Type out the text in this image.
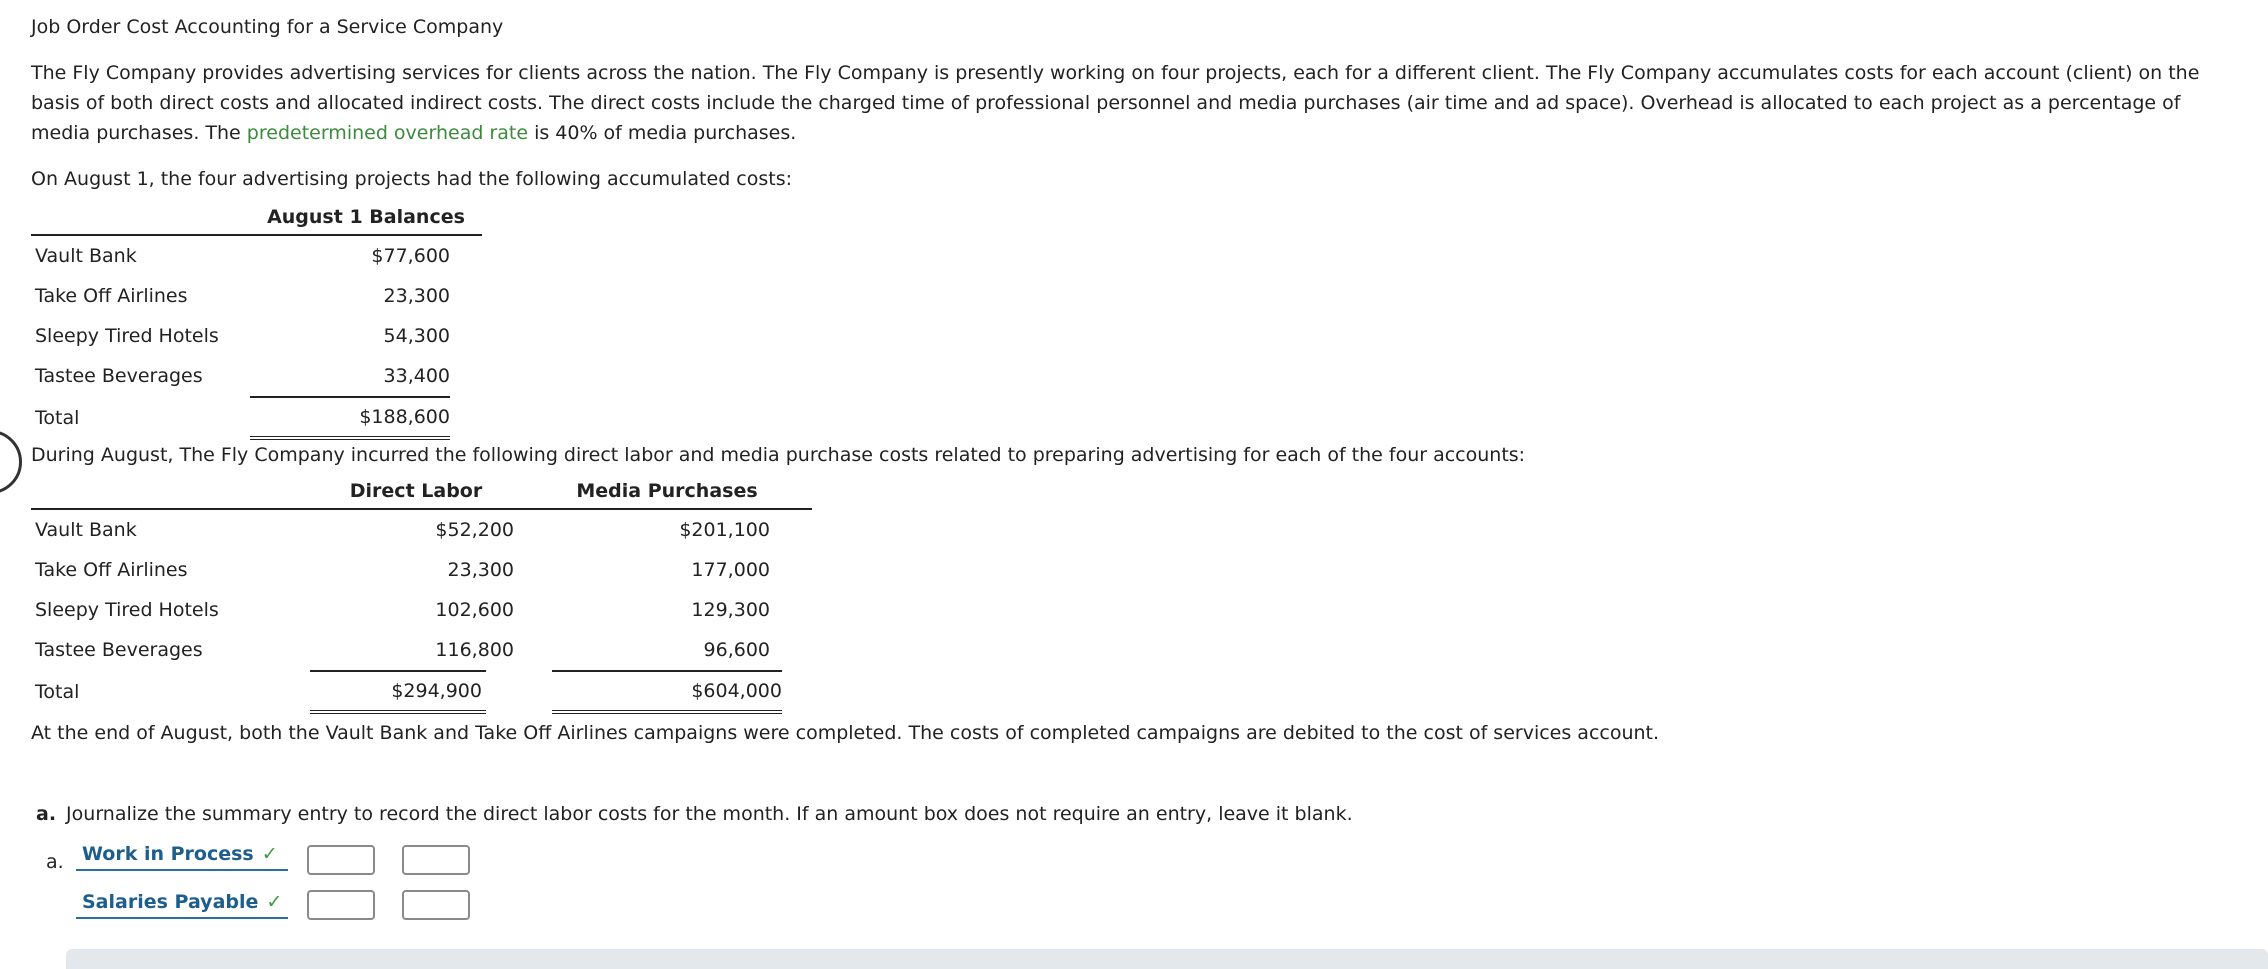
Job Order Cost Accounting for a Service Company
The Fly Company provides advertising services for clients across the nation. The Fly Company is presently working on four projects, each for a different client. The Fly Company accumulates costs for each account (client) on the basis of both direct costs and allocated indirect costs. The direct costs include the charged time of professional personnel and media purchases (air time and ad space). Overhead is allocated to each project as a percentage of media purchases. The predetermined overhead rate is 40% of media purchases.
On August 1, the four advertising projects had the following accumulated costs:
	August 1 Balances
Vault Bank	$77,600
Take Off Airlines	23,300
Sleepy Tired Hotels	54,300
Tastee Beverages	33,400
Total	$188,600
During August, The Fly Company incurred the following direct labor and media purchase costs related to preparing advertising for each of the four accounts:
	Direct Labor	Media Purchases
Vault Bank	$52,200	$201,100
Take Off Airlines	23,300	177,000
Sleepy Tired Hotels	102,600	129,300
Tastee Beverages	116,800	96,600
Total	$294,900	$604,000
At the end of August, both the Vault Bank and Take Off Airlines campaigns were completed. The costs of completed campaigns are debited to the cost of services account.
a. Journalize the summary entry to record the direct labor costs for the month. If an amount box does not require an entry, leave it blank.
a. Work in Process ✓
Salaries Payable ✓
